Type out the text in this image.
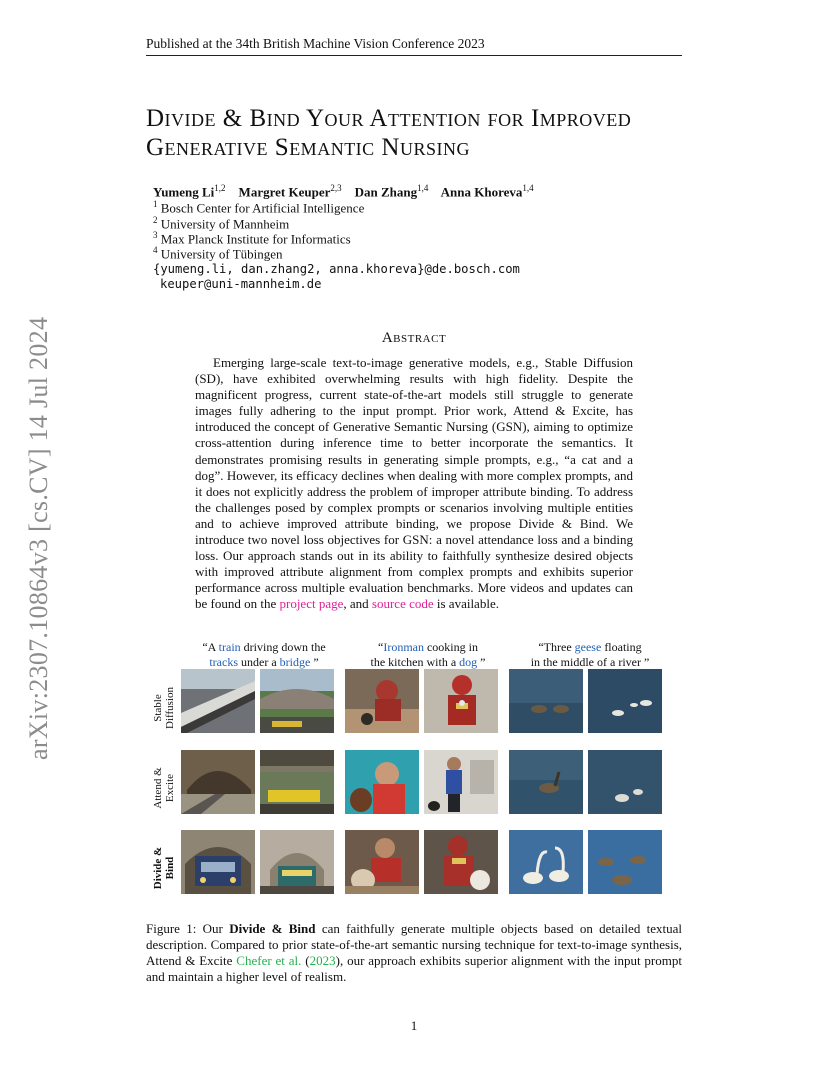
Published at the 34th British Machine Vision Conference 2023
arXiv:2307.10864v3 [cs.CV] 14 Jul 2024
Divide & Bind Your Attention for Improved
Generative Semantic Nursing
Yumeng Li$^{1,2}$ Margret Keuper$^{2,3}$ Dan Zhang$^{1,4}$ Anna Khoreva$^{1,4}$
$^1$ Bosch Center for Artificial Intelligence
$^2$ University of Mannheim
$^3$ Max Planck Institute for Informatics
$^4$ University of Tübingen
{yumeng.li, dan.zhang2, anna.khoreva}@de.bosch.com
keuper@uni-mannheim.de
Abstract
Emerging large-scale text-to-image generative models, e.g., Stable Diffusion (SD), have exhibited overwhelming results with high fidelity. Despite the magnificent progress, current state-of-the-art models still struggle to generate images fully adhering to the input prompt. Prior work, Attend & Excite, has introduced the concept of Generative Semantic Nursing (GSN), aiming to optimize cross-attention during inference time to better incorporate the semantics. It demonstrates promising results in generating simple prompts, e.g., “a cat and a dog”. However, its efficacy declines when dealing with more complex prompts, and it does not explicitly address the problem of improper attribute binding. To address the challenges posed by complex prompts or scenarios involving multiple entities and to achieve improved attribute binding, we propose Divide & Bind. We introduce two novel loss objectives for GSN: a novel attendance loss and a binding loss. Our approach stands out in its ability to faithfully synthesize desired objects with improved attribute alignment from complex prompts and exhibits superior performance across multiple evaluation benchmarks. More videos and updates can be found on the project page, and source code is available.
“A train driving down the
tracks under a bridge ”
“Ironman cooking in
the kitchen with a dog ”
“Three geese floating
in the middle of a river ”
Stable
Diffusion
Attend &
Excite
Divide &
Bind
Figure 1: Our Divide & Bind can faithfully generate multiple objects based on detailed textual description. Compared to prior state-of-the-art semantic nursing technique for text-to-image synthesis, Attend & Excite Chefer et al. (2023), our approach exhibits superior alignment with the input prompt and maintain a higher level of realism.
1
